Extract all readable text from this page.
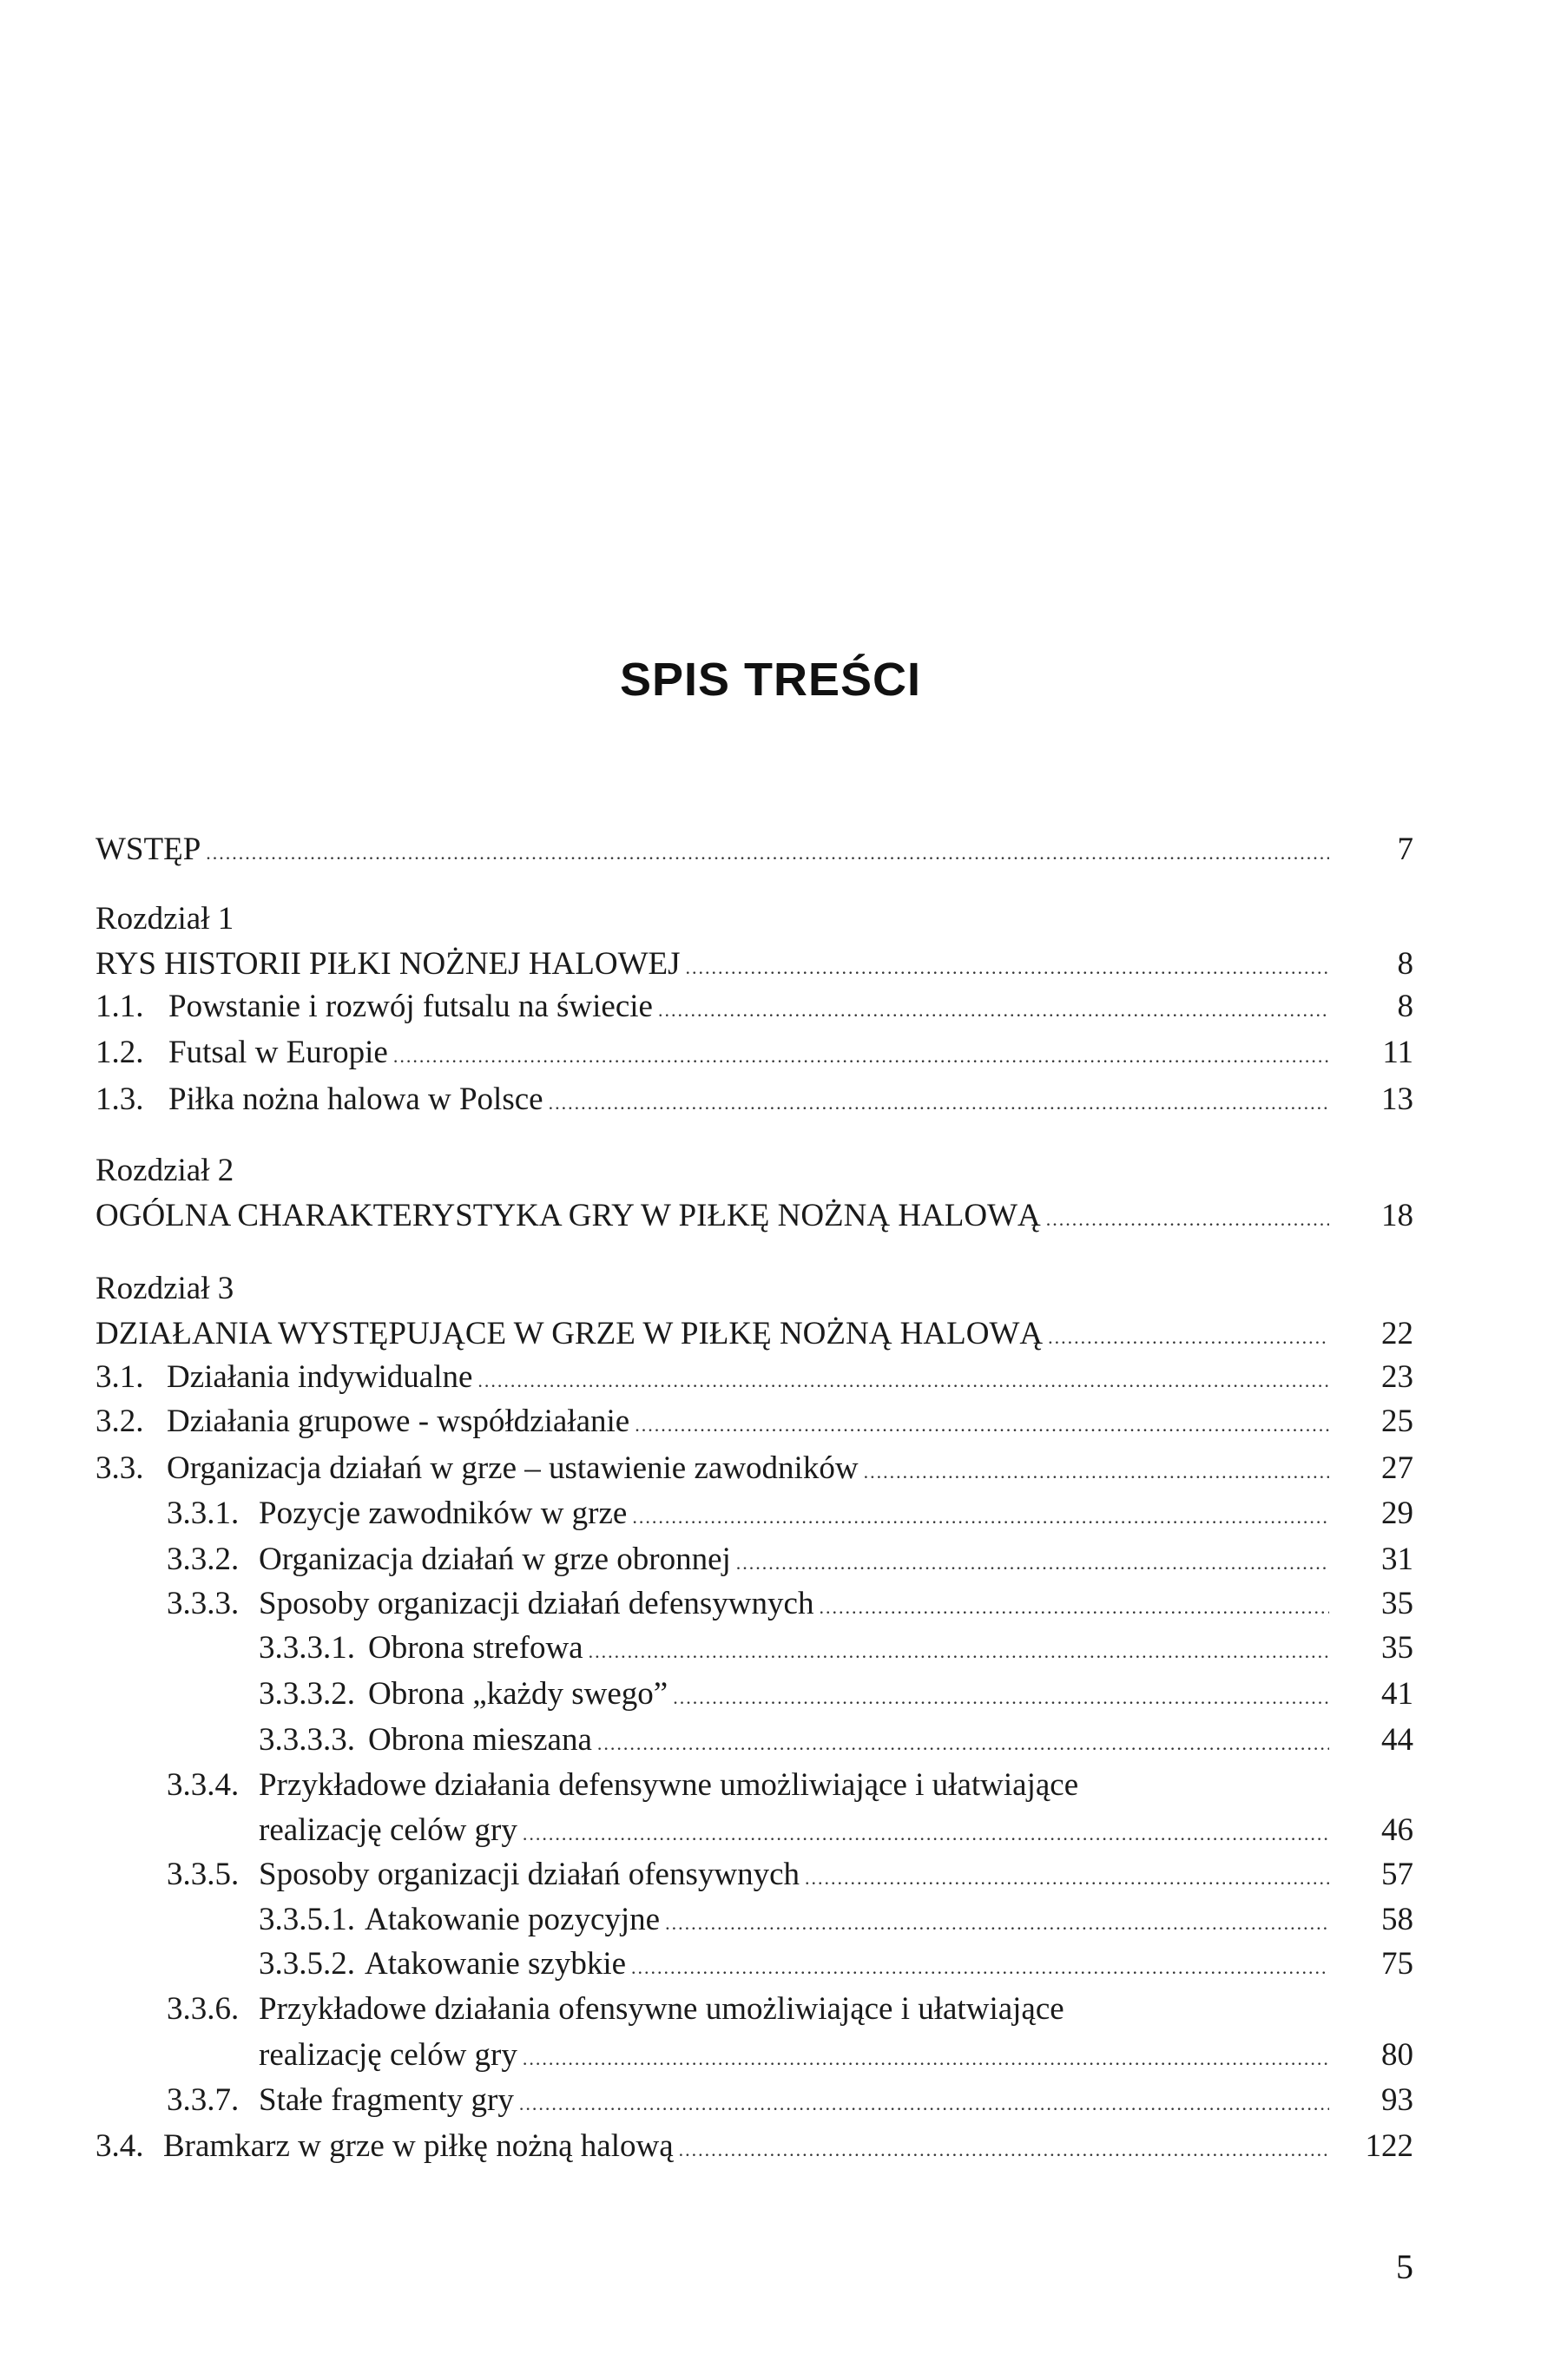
SPIS TREŚCI
WSTĘP .....	7
Rozdział 1
RYS HISTORII PIŁKI NOŻNEJ HALOWEJ .....	8
1.1. Powstanie i rozwój futsalu na świecie .....	8
1.2. Futsal w Europie .....	11
1.3. Piłka nożna halowa w Polsce .....	13
Rozdział 2
OGÓLNA CHARAKTERYSTYKA GRY W PIŁKĘ NOŻNĄ HALOWĄ .....	18
Rozdział 3
DZIAŁANIA WYSTĘPUJĄCE W GRZE W PIŁKĘ NOŻNĄ HALOWĄ .....	22
3.1. Działania indywidualne .....	23
3.2. Działania grupowe - współdziałanie .....	25
3.3. Organizacja działań w grze – ustawienie zawodników .....	27
3.3.1. Pozycje zawodników w grze .....	29
3.3.2. Organizacja działań w grze obronnej .....	31
3.3.3. Sposoby organizacji działań defensywnych .....	35
3.3.3.1. Obrona strefowa .....	35
3.3.3.2. Obrona „każdy swego” .....	41
3.3.3.3. Obrona mieszana .....	44
3.3.4. Przykładowe działania defensywne umożliwiające i ułatwiające
realizację celów gry .....	46
3.3.5. Sposoby organizacji działań ofensywnych .....	57
3.3.5.1. Atakowanie pozycyjne .....	58
3.3.5.2. Atakowanie szybkie .....	75
3.3.6. Przykładowe działania ofensywne umożliwiające i ułatwiające
realizację celów gry .....	80
3.3.7. Stałe fragmenty gry .....	93
3.4. Bramkarz w grze w piłkę nożną halową .....	122
5
